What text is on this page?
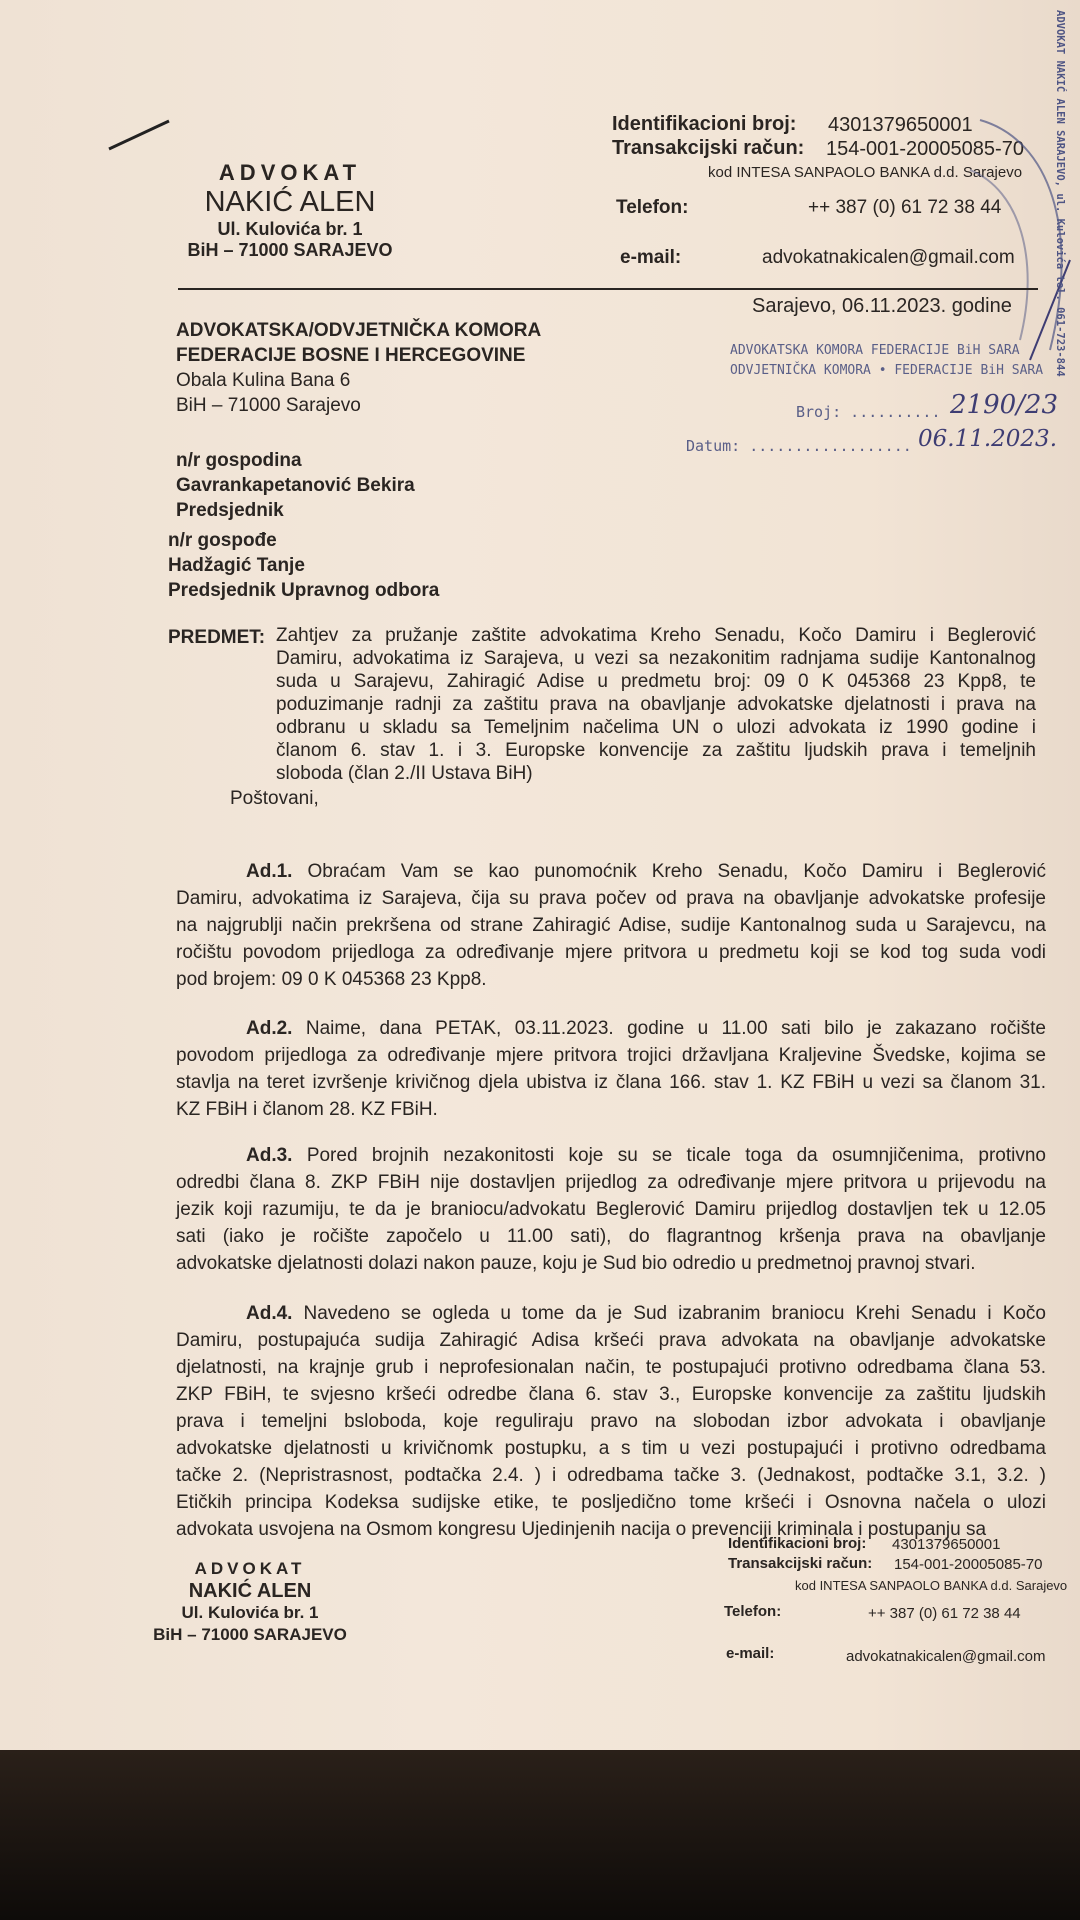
ADVOKAT
NAKIĆ ALEN
Ul. Kulovića br. 1
BiH – 71000 SARAJEVO
Identifikacioni broj: 4301379650001
Transakcijski račun: 154-001-20005085-70
kod INTESA SANPAOLO BANKA d.d. Sarajevo
Telefon:	++ 387 (0) 61 72 38 44
e-mail:	advokatnakicalen@gmail.com	ADVOKAT NAKIĆ ALEN SARAJEVO, ul. Kulovića tel. 061-723-844
Sarajevo, 06.11.2023. godine
ADVOKATSKA KOMORA FEDERACIJE BiH SARA
ODVJETNIČKA KOMORA • FEDERACIJE BiH SARA
Broj: .......... 2190/23
Datum: .................. 06.11.2023.
ADVOKATSKA/ODVJETNIČKA KOMORA
FEDERACIJE BOSNE I HERCEGOVINE
Obala Kulina Bana 6
BiH – 71000 Sarajevo
n/r gospodina
Gavrankapetanović Bekira
Predsjednik
n/r gospođe
Hadžagić Tanje
Predsjednik Upravnog odbora
PREDMET: Zahtjev za pružanje zaštite advokatima Kreho Senadu, Kočo Damiru i Beglerović
Damiru, advokatima iz Sarajeva, u vezi sa nezakonitim radnjama sudije Kantonalnog
suda u Sarajevu, Zahiragić Adise u predmetu broj: 09 0 K 045368 23 Kpp8, te
poduzimanje radnji za zaštitu prava na obavljanje advokatske djelatnosti i prava na
odbranu u skladu sa Temeljnim načelima UN o ulozi advokata iz 1990 godine i
članom 6. stav 1. i 3. Europske konvencije za zaštitu ljudskih prava i temeljnih
sloboda (član 2./II Ustava BiH)
Poštovani,
Ad.1. Obraćam Vam se kao punomoćnik Kreho Senadu, Kočo Damiru i Beglerović
Damiru, advokatima iz Sarajeva, čija su prava počev od prava na obavljanje advokatske profesije
na najgrublji način prekršena od strane Zahiragić Adise, sudije Kantonalnog suda u Sarajevcu, na
ročištu povodom prijedloga za određivanje mjere pritvora u predmetu koji se kod tog suda vodi
pod brojem: 09 0 K 045368 23 Kpp8.
Ad.2. Naime, dana PETAK, 03.11.2023. godine u 11.00 sati bilo je zakazano ročište
povodom prijedloga za određivanje mjere pritvora trojici državljana Kraljevine Švedske, kojima se
stavlja na teret izvršenje krivičnog djela ubistva iz člana 166. stav 1. KZ FBiH u vezi sa članom 31.
KZ FBiH i članom 28. KZ FBiH.
Ad.3. Pored brojnih nezakonitosti koje su se ticale toga da osumnjičenima, protivno
odredbi člana 8. ZKP FBiH nije dostavljen prijedlog za određivanje mjere pritvora u prijevodu na
jezik koji razumiju, te da je braniocu/advokatu Beglerović Damiru prijedlog dostavljen tek u 12.05
sati (iako je ročište započelo u 11.00 sati), do flagrantnog kršenja prava na obavljanje
advokatske djelatnosti dolazi nakon pauze, koju je Sud bio odredio u predmetnoj pravnoj stvari.
Ad.4. Navedeno se ogleda u tome da je Sud izabranim braniocu Krehi Senadu i Kočo
Damiru, postupajuća sudija Zahiragić Adisa kršeći prava advokata na obavljanje advokatske
djelatnosti, na krajnje grub i neprofesionalan način, te postupajući protivno odredbama člana 53.
ZKP FBiH, te svjesno kršeći odredbe člana 6. stav 3., Europske konvencije za zaštitu ljudskih
prava i temeljni bsloboda, koje reguliraju pravo na slobodan izbor advokata i obavljanje
advokatske djelatnosti u krivičnomk postupku, a s tim u vezi postupajući i protivno odredbama
tačke 2. (Nepristrasnost, podtačka 2.4. ) i odredbama tačke 3. (Jednakost, podtačke 3.1, 3.2. )
Etičkih principa Kodeksa sudijske etike, te posljedično tome kršeći i Osnovna načela o ulozi
advokata usvojena na Osmom kongresu Ujedinjenih nacija o prevenciji kriminala i postupanju sa
ADVOKAT
NAKIĆ ALEN
Ul. Kulovića br. 1
BiH – 71000 SARAJEVO
Identifikacioni broj: 4301379650001
Transakcijski račun: 154-001-20005085-70
kod INTESA SANPAOLO BANKA d.d. Sarajevo
Telefon:	++ 387 (0) 61 72 38 44
e-mail:	advokatnakicalen@gmail.com
